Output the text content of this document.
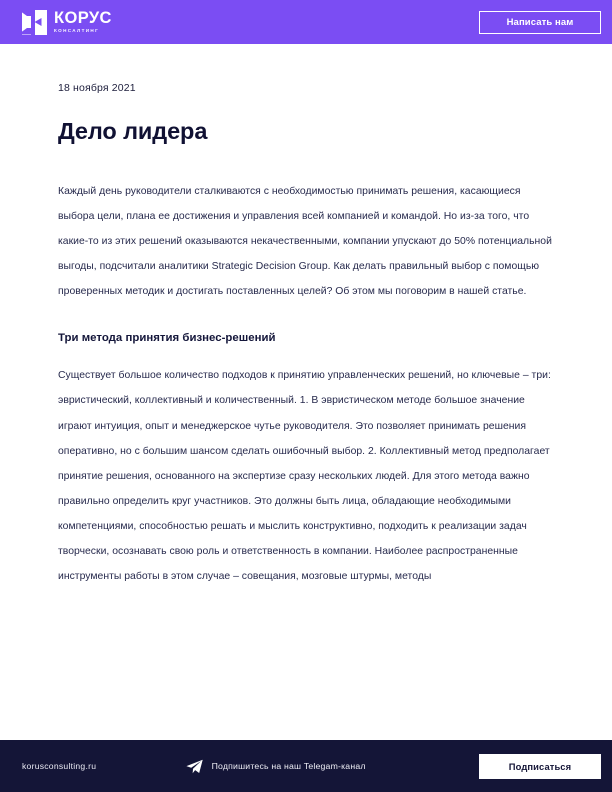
КОРУС
КОНСАЛТИНГ
Написать нам

18 ноября 2021

Дело лидера

Каждый день руководители сталкиваются с необходимостью принимать решения, касающиеся выбора цели, плана ее достижения и управления всей компанией и командой. Но из-за того, что какие-то из этих решений оказываются некачественными, компании упускают до 50% потенциальной выгоды, подсчитали аналитики Strategic Decision Group. Как делать правильный выбор с помощью проверенных методик и достигать поставленных целей? Об этом мы поговорим в нашей статье.

Три метода принятия бизнес-решений

Существует большое количество подходов к принятию управленческих решений, но ключевые – три: эвристический, коллективный и количественный. 1. В эвристическом методе большое значение играют интуиция, опыт и менеджерское чутье руководителя. Это позволяет принимать решения оперативно, но с большим шансом сделать ошибочный выбор. 2. Коллективный метод предполагает принятие решения, основанного на экспертизе сразу нескольких людей. Для этого метода важно правильно определить круг участников. Это должны быть лица, обладающие необходимыми компетенциями, способностью решать и мыслить конструктивно, подходить к реализации задач творчески, осознавать свою роль и ответственность в компании. Наиболее распространенные инструменты работы в этом случае – совещания, мозговые штурмы, методы

korusconsulting.ru	Подпишитесь на наш Telegam-канал	Подписаться
